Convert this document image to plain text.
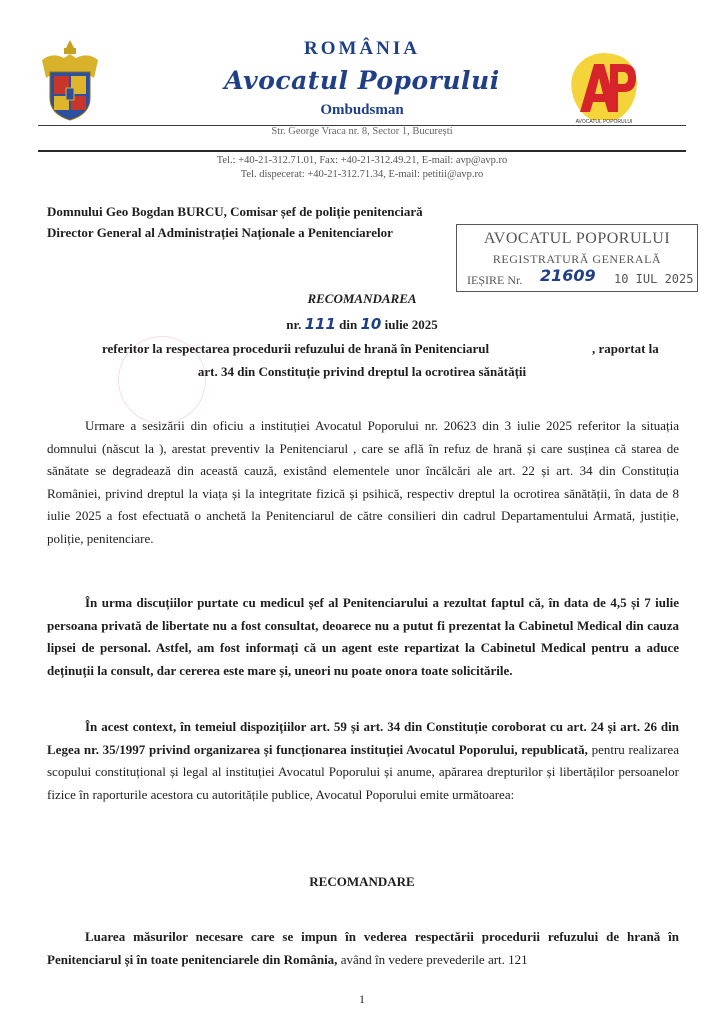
ROMÂNIA
Avocatul Poporului
Ombudsman
AVOCATUL POPORULUI
Str. George Vraca nr. 8, Sector 1, București
Tel.: +40-21-312.71.01, Fax: +40-21-312.49.21, E-mail: avp@avp.ro
Tel. dispecerat: +40-21-312.71.34, E-mail: petitii@avp.ro
Domnului Geo Bogdan BURCU, Comisar șef de poliție penitenciară
Director General al Administrației Naționale a Penitenciarelor	AVOCATUL POPORULUI
REGISTRATURĂ GENERALĂ
IEȘIRE Nr. 21609 10 IUL 2025
RECOMANDAREA
nr. 111 din 10 iulie 2025
referitor la respectarea procedurii refuzului de hrană în Penitenciarul	, raportat la
art. 34 din Constituție privind dreptul la ocrotirea sănătății

Urmare a sesizării din oficiu a instituției Avocatul Poporului nr. 20623 din 3 iulie 2025 referitor la situația domnului (născut la ), arestat preventiv la Penitenciarul , care se află în refuz de hrană și care susținea că starea de sănătate se degradează din această cauză, existând elementele unor încălcări ale art. 22 și art. 34 din Constituția României, privind dreptul la viața și la integritate fizică și psihică, respectiv dreptul la ocrotirea sănătății, în data de 8 iulie 2025 a fost efectuată o anchetă la Penitenciarul de către consilieri din cadrul Departamentului Armată, justiție, poliție, penitenciare.

În urma discuțiilor purtate cu medicul șef al Penitenciarului a rezultat faptul că, în data de 4,5 și 7 iulie persoana privată de libertate nu a fost consultat, deoarece nu a putut fi prezentat la Cabinetul Medical din cauza lipsei de personal. Astfel, am fost informați că un agent este repartizat la Cabinetul Medical pentru a aduce deținuții la consult, dar cererea este mare și, uneori nu poate onora toate solicitările.

În acest context, în temeiul dispozițiilor art. 59 și art. 34 din Constituție coroborat cu art. 24 și art. 26 din Legea nr. 35/1997 privind organizarea și funcționarea instituției Avocatul Poporului, republicată, pentru realizarea scopului constituțional și legal al instituției Avocatul Poporului și anume, apărarea drepturilor și libertăților persoanelor fizice în raporturile acestora cu autoritățile publice, Avocatul Poporului emite următoarea:

RECOMANDARE

Luarea măsurilor necesare care se impun în vederea respectării procedurii refuzului de hrană în Penitenciarul și în toate penitenciarele din România, având în vedere prevederile art. 121

1
